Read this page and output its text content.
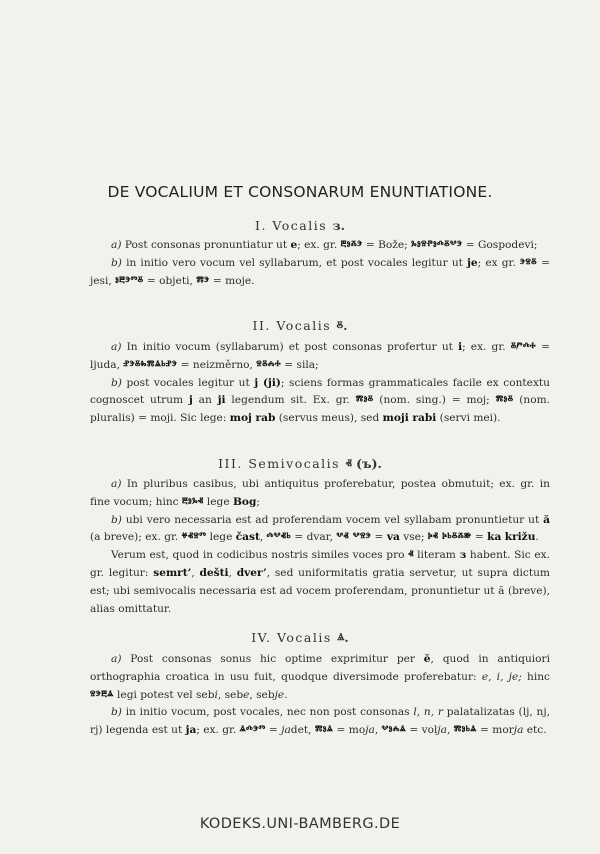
DE VOCALIUM ET CONSONARUM ENUNTIATIONE.
I. Vocalis з.

a) Post consonas pronuntiatur ut e; ex. gr. ⰱⱁⰶⰵ = Bože; ⰳⱁⱄⱂⱁⰴⰻⰲⰵ = Gospodevi;

b) in initio vero vocum vel syllabarum, et post vocales legitur ut je; ex gr. ⰵⱄⰻ = jesi, ⱁⰱⰵⱅⰻ = objeti, ⰿⰵ = moje.

II. Vocalis ⰻ.

a) In initio vocum (syllabarum) et post consonas profertur ut i; ex. gr. ⰻⱓⰴⰰ = ljuda, ⱀⰵⰻⰸⰿⱑⱃⱀⰵ = neizměrno, ⱄⰻⰾⰰ = sila;

b) post vocales legitur ut j (ji); sciens formas grammaticales facile ex contextu cognoscet utrum j an ji legendum sit. Ex. gr. ⰿⱁⰻ (nom. sing.) = moj; ⰿⱁⰻ (nom. pluralis) = moji. Sic lege: moj rab (servus meus), sed moji rabi (servi mei).

III. Semivocalis ⱏ (ъ).

a) In pluribus casibus, ubi antiquitus proferebatur, postea obmutuit; ex. gr. in fine vocum; hinc ⰱⱁⰳⱏ lege Bog;

b) ubi vero necessaria est ad proferendam vocem vel syllabam pronuntietur ut ă (a breve); ex. gr. ⱍⱏⱄⱅ lege čast, ⰴⰲⱏⱃ = dvar, ⰲⱏ ⰲⱄⰵ = va vse; ⰽⱏ ⰽⱃⰻⰶⱆ = ka križu.

Verum est, quod in codicibus nostris similes voces pro ⱏ literam з habent. Sic ex. gr. legitur: semrt’, dešti, dver’, sed uniformitatis gratia servetur, ut supra dictum est; ubi semivocalis necessaria est ad vocem proferendam, pronuntietur ut ă (breve), alias omittatur.

IV. Vocalis ⱑ.

a) Post consonas sonus hic optime exprimitur per ĕ, quod in antiquiori orthographia croatica in usu fuit, quodque diversimode proferebatur: e, i, je; hinc ⱄⰵⰱⱑ legi potest vel sebi, sebe, sebje.

b) in initio vocum, post vocales, nec non post consonas l, n, r palatalizatas (lj, nj, rj) legenda est ut ja; ex. gr. ⱑⰴⰵⱅ = jadet, ⰿⱁⱑ = moja, ⰲⱁⰾⱑ = volja, ⰿⱁⱃⱑ = morja etc.

KODEKS.UNI-BAMBERG.DE
